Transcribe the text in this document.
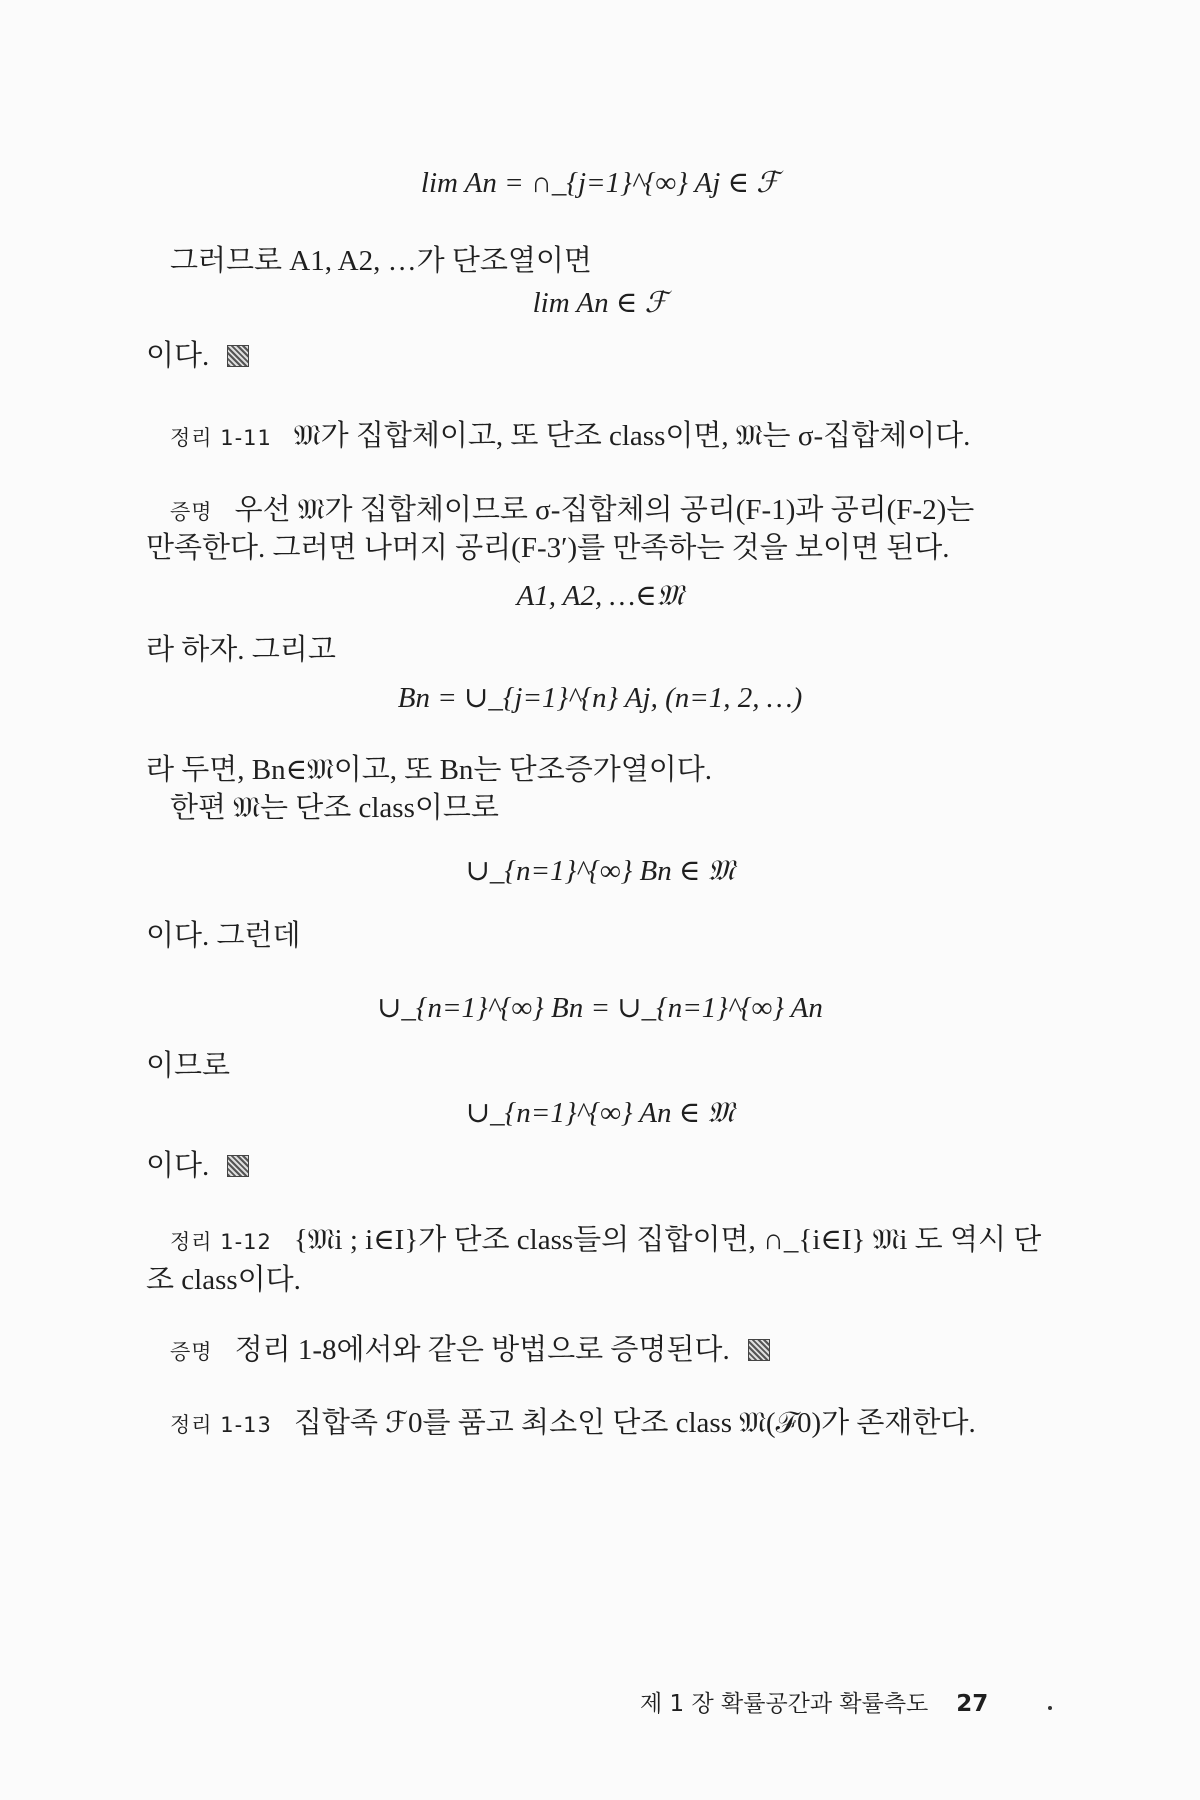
lim An = ∩_{j=1}^{∞} Aj ∈ ℱ
그러므로 A1, A2, …가 단조열이면
lim An ∈ ℱ
이다.
정리 1-11 𝔐가 집합체이고, 또 단조 class이면, 𝔐는 σ-집합체이다.
증명 우선 𝔐가 집합체이므로 σ-집합체의 공리(F-1)과 공리(F-2)는
만족한다. 그러면 나머지 공리(F-3′)를 만족하는 것을 보이면 된다.
A1, A2, …∈𝔐
라 하자. 그리고
Bn = ∪_{j=1}^{n} Aj, (n=1, 2, …)
라 두면, Bn∈𝔐이고, 또 Bn는 단조증가열이다.
한편 𝔐는 단조 class이므로
∪_{n=1}^{∞} Bn ∈ 𝔐
이다. 그런데
∪_{n=1}^{∞} Bn = ∪_{n=1}^{∞} An
이므로
∪_{n=1}^{∞} An ∈ 𝔐
이다.
정리 1-12 {𝔐i ; i∈I}가 단조 class들의 집합이면, ∩_{i∈I} 𝔐i 도 역시 단
조 class이다.
증명 정리 1-8에서와 같은 방법으로 증명된다.
정리 1-13 집합족 ℱ0를 품고 최소인 단조 class 𝔐(ℱ0)가 존재한다.
제 1 장 확률공간과 확률측도 27
